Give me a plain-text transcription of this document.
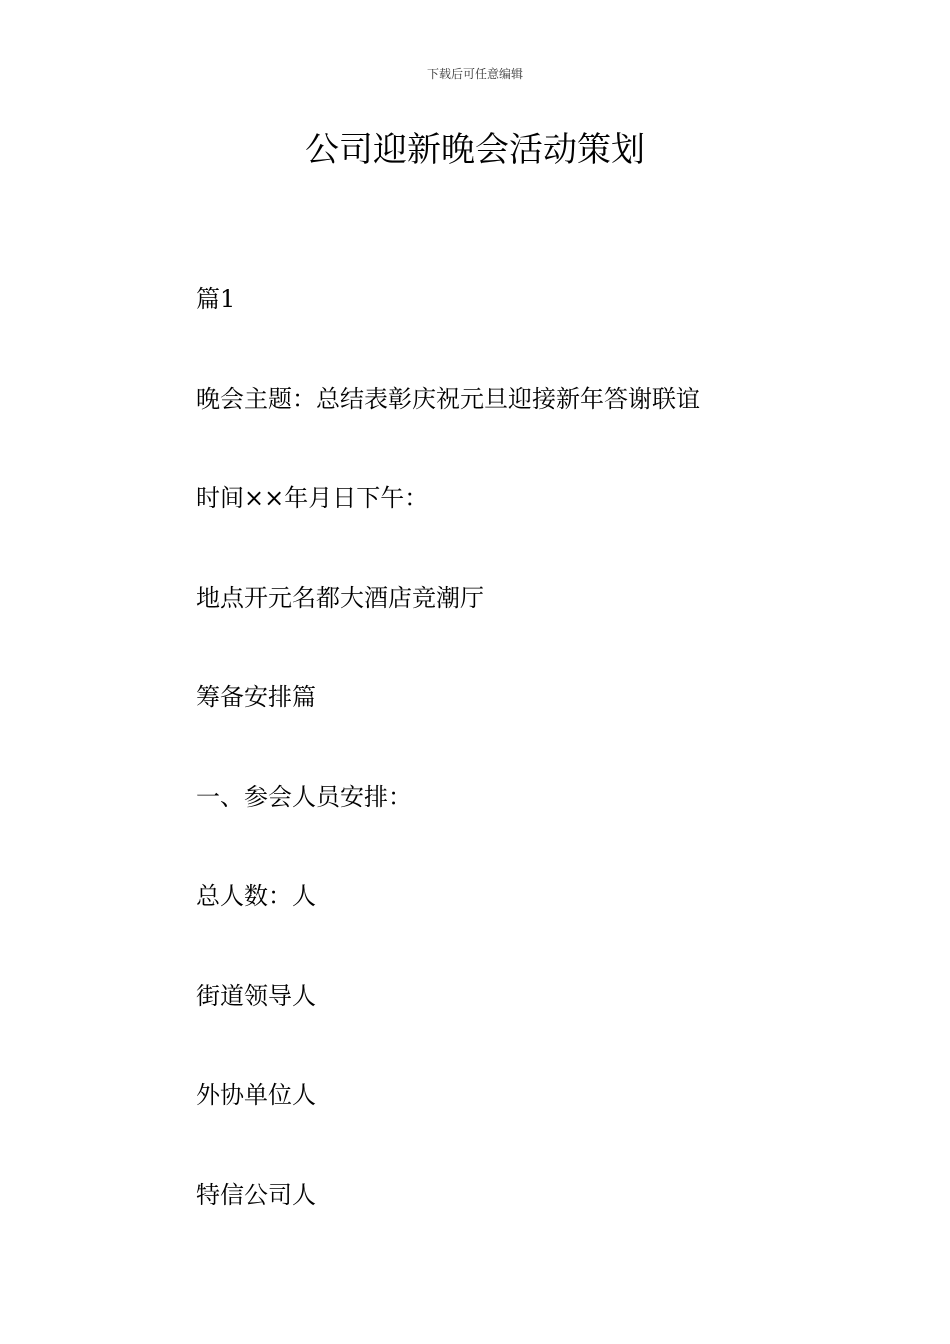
下载后可任意编辑
公司迎新晚会活动策划
篇1
晚会主题：总结表彰庆祝元旦迎接新年答谢联谊
时间××年月日下午：
地点开元名都大酒店竞潮厅
筹备安排篇
一、参会人员安排：
总人数：人
街道领导人
外协单位人
特信公司人
